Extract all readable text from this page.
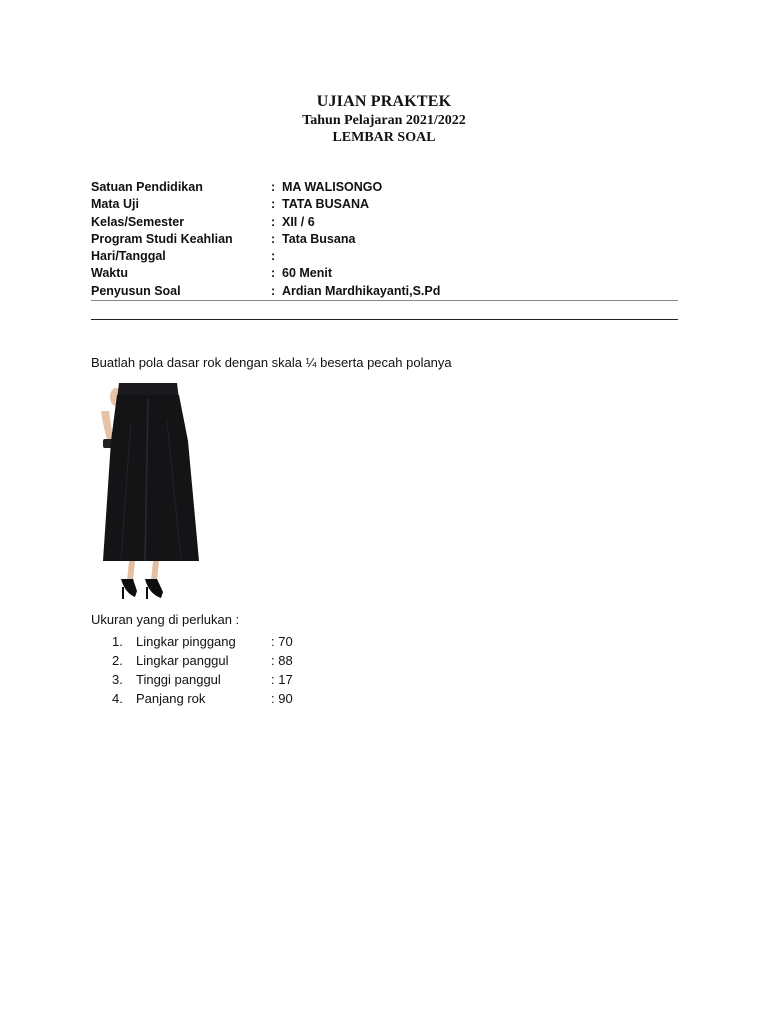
UJIAN PRAKTEK
Tahun Pelajaran 2021/2022
LEMBAR SOAL
Satuan Pendidikan	: MA WALISONGO
Mata Uji	: TATA BUSANA
Kelas/Semester	: XII / 6
Program Studi Keahlian	: Tata Busana
Hari/Tanggal	:
Waktu	: 60 Menit
Penyusun Soal	: Ardian Mardhikayanti,S.Pd
Buatlah pola dasar rok dengan skala ¼ beserta pecah polanya
Ukuran yang di perlukan :
1. Lingkar pinggang	: 70
2. Lingkar panggul	: 88
3. Tinggi panggul	: 17
4. Panjang rok	: 90
